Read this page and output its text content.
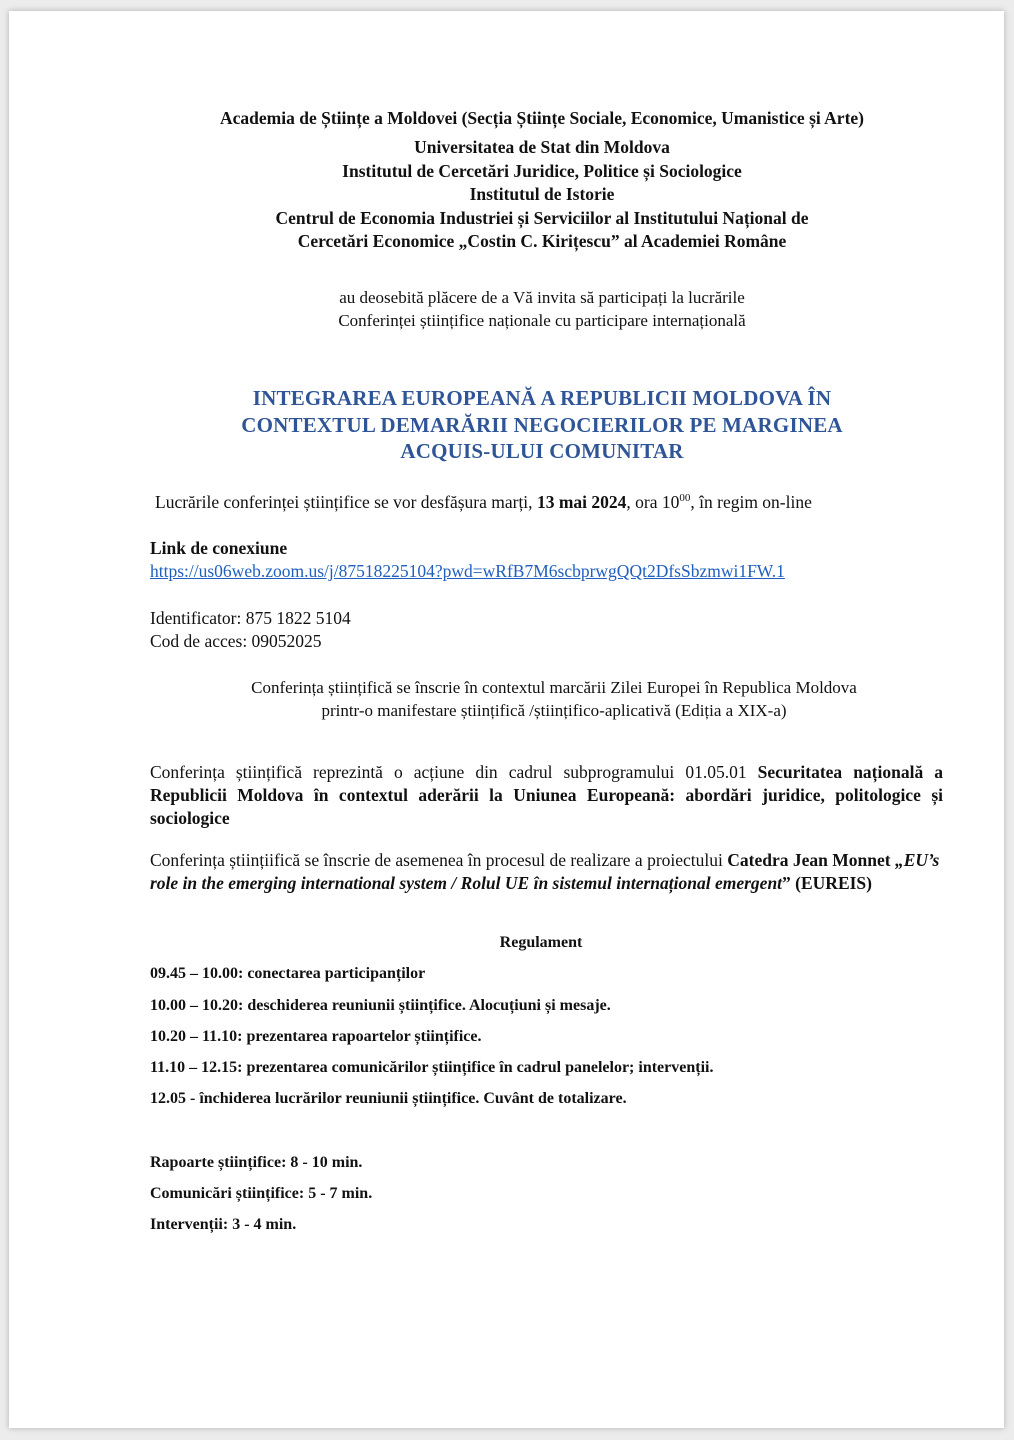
Academia de Științe a Moldovei (Secția Științe Sociale, Economice, Umanistice și Arte)
Universitatea de Stat din Moldova
Institutul de Cercetări Juridice, Politice și Sociologice
Institutul de Istorie
Centrul de Economia Industriei și Serviciilor al Institutului Național de
Cercetări Economice „Costin C. Kirițescu” al Academiei Române
au deosebită plăcere de a Vă invita să participați la lucrările
Conferinței științifice naționale cu participare internațională
INTEGRAREA EUROPEANĂ A REPUBLICII MOLDOVA ÎN
CONTEXTUL DEMARĂRII NEGOCIERILOR PE MARGINEA
ACQUIS-ULUI COMUNITAR
Lucrările conferinței științifice se vor desfășura marți, 13 mai 2024, ora $10^{00}$, în regim on-line
Link de conexiune
https://us06web.zoom.us/j/87518225104?pwd=wRfB7M6scbprwgQQt2DfsSbzmwi1FW.1
Identificator: 875 1822 5104
Cod de acces: 09052025
Conferința științifică se înscrie în contextul marcării Zilei Europei în Republica Moldova
printr-o manifestare științifică /științifico-aplicativă (Ediția a XIX-a)
Conferința științifică reprezintă o acțiune din cadrul subprogramului 01.05.01 Securitatea națională a Republicii Moldova în contextul aderării la Uniunea Europeană: abordări juridice, politologice și sociologice
Conferința științiifică se înscrie de asemenea în procesul de realizare a proiectului Catedra Jean Monnet „EU’s role in the emerging international system / Rolul UE în sistemul internațional emergent” (EUREIS)
Regulament
09.45 – 10.00: conectarea participanților
10.00 – 10.20: deschiderea reuniunii științifice. Alocuțiuni și mesaje.
10.20 – 11.10: prezentarea rapoartelor științifice.
11.10 – 12.15: prezentarea comunicărilor științifice în cadrul panelelor; intervenții.
12.05 - închiderea lucrărilor reuniunii științifice. Cuvânt de totalizare.
Rapoarte științifice: 8 - 10 min.
Comunicări științifice: 5 - 7 min.
Intervenții: 3 - 4 min.
